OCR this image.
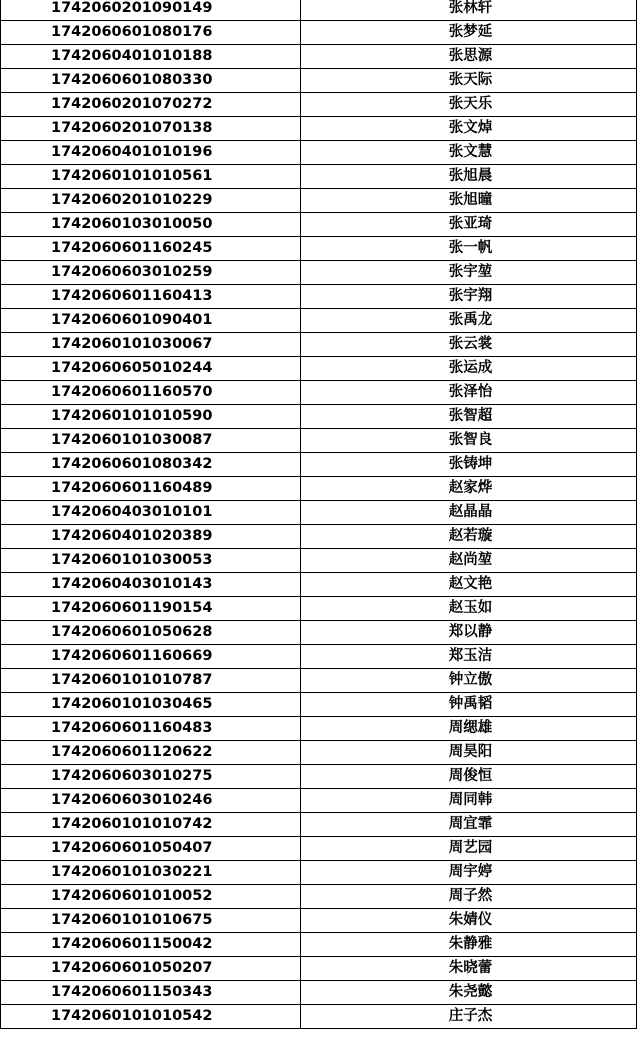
1742060201090149	张林轩
1742060601080176	张梦延
1742060401010188	张思源
1742060601080330	张天际
1742060201070272	张天乐
1742060201070138	张文焯
1742060401010196	张文慧
1742060101010561	张旭晨
1742060201010229	张旭曈
1742060103010050	张亚琦
1742060601160245	张一帆
1742060603010259	张宇堃
1742060601160413	张宇翔
1742060601090401	张禹龙
1742060101030067	张云裳
1742060605010244	张运成
1742060601160570	张泽怡
1742060101010590	张智超
1742060101030087	张智良
1742060601080342	张铸坤
1742060601160489	赵家烨
1742060403010101	赵晶晶
1742060401020389	赵若璇
1742060101030053	赵尚堃
1742060403010143	赵文艳
1742060601190154	赵玉如
1742060601050628	郑以静
1742060601160669	郑玉洁
1742060101010787	钟立傲
1742060101030465	钟禹韬
1742060601160483	周缌雄
1742060601120622	周昊阳
1742060603010275	周俊恒
1742060603010246	周同韩
1742060101010742	周宜霏
1742060601050407	周艺园
1742060101030221	周宇婷
1742060601010052	周子然
1742060101010675	朱婧仪
1742060601150042	朱静雅
1742060601050207	朱晓蕾
1742060601150343	朱尧懿
1742060101010542	庄子杰
